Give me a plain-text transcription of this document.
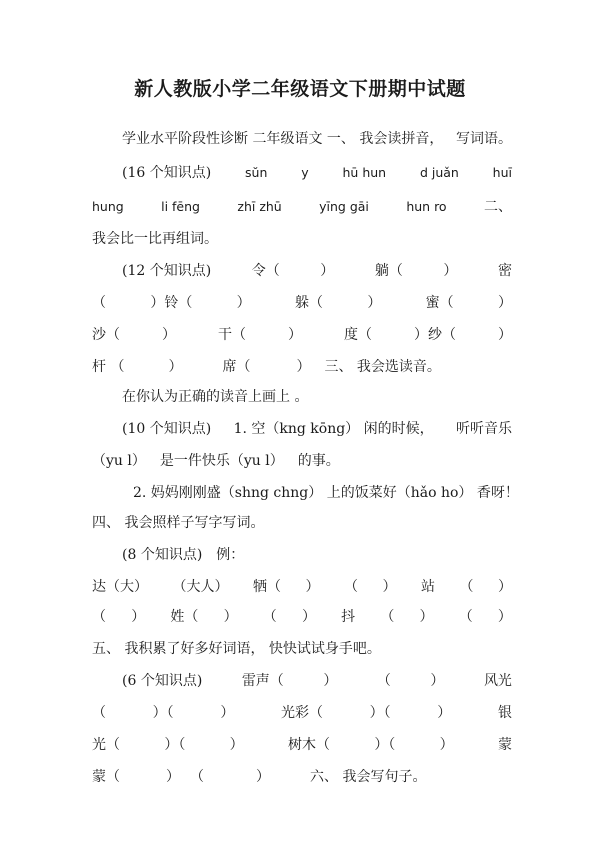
新人教版小学二年级语文下册期中试题
学业水平阶段性诊断 二年级语文 一、 我会读拼音， 写词语。
(16 个知识点)	sŭn	y	hū hun	d juǎn	huī
hung	li fēng	zhī zhū	yīng gāi	hun ro	二、
我会比一比再组词。
(12 个知识点)	令（	）	躺（	）	密
（	）铃（	）	躲（	）	蜜（	）
沙（	）	干（	）	度（	）纱（	）
杆 （	）	席（	） 三、 我会选读音。
在你认为正确的读音上画上 。
(10 个知识点) 1. 空（kng kōng） 闲的时候， 听听音乐
（yu l） 是一件快乐（yu l） 的事。
2. 妈妈刚刚盛（shng chng） 上的饭菜好（hǎo ho） 香呀！
四、 我会照样子写字写词。
(8 个知识点) 例：
达（大） （大人） 牺（ ） （ ） 站 （ ）
（ ） 姓（ ） （ ） 抖 （ ） （ ）
五、 我积累了好多好词语， 快快试试身手吧。
(6 个知识点)	雷声（	）	（	）	风光
（	）（	）	光彩（	）（	）	银
光（	）（	）	树木（	）（	）	蒙
蒙（	） （	）	六、 我会写句子。
